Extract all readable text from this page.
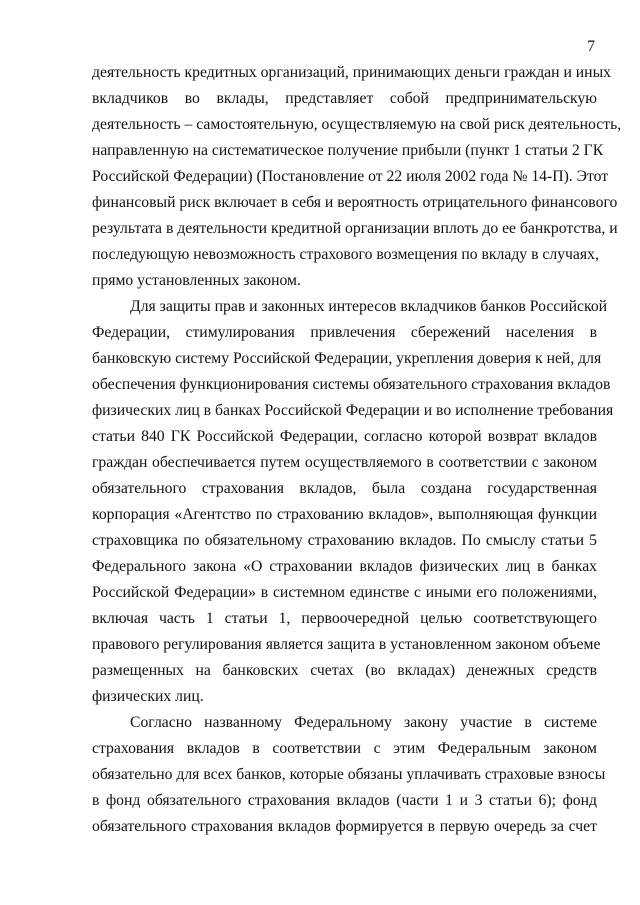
7
деятельность кредитных организаций, принимающих деньги граждан и иных
вкладчиков во вклады, представляет собой предпринимательскую
деятельность – самостоятельную, осуществляемую на свой риск деятельность,
направленную на систематическое получение прибыли (пункт 1 статьи 2 ГК
Российской Федерации) (Постановление от 22 июля 2002 года № 14-П). Этот
финансовый риск включает в себя и вероятность отрицательного финансового
результата в деятельности кредитной организации вплоть до ее банкротства, и
последующую невозможность страхового возмещения по вкладу в случаях,
прямо установленных законом.
Для защиты прав и законных интересов вкладчиков банков Российской
Федерации, стимулирования привлечения сбережений населения в
банковскую систему Российской Федерации, укрепления доверия к ней, для
обеспечения функционирования системы обязательного страхования вкладов
физических лиц в банках Российской Федерации и во исполнение требования
статьи 840 ГК Российской Федерации, согласно которой возврат вкладов
граждан обеспечивается путем осуществляемого в соответствии с законом
обязательного страхования вкладов, была создана государственная
корпорация «Агентство по страхованию вкладов», выполняющая функции
страховщика по обязательному страхованию вкладов. По смыслу статьи 5
Федерального закона «О страховании вкладов физических лиц в банках
Российской Федерации» в системном единстве с иными его положениями,
включая часть 1 статьи 1, первоочередной целью соответствующего
правового регулирования является защита в установленном законом объеме
размещенных на банковских счетах (во вкладах) денежных средств
физических лиц.
Согласно названному Федеральному закону участие в системе
страхования вкладов в соответствии с этим Федеральным законом
обязательно для всех банков, которые обязаны уплачивать страховые взносы
в фонд обязательного страхования вкладов (части 1 и 3 статьи 6); фонд
обязательного страхования вкладов формируется в первую очередь за счет
